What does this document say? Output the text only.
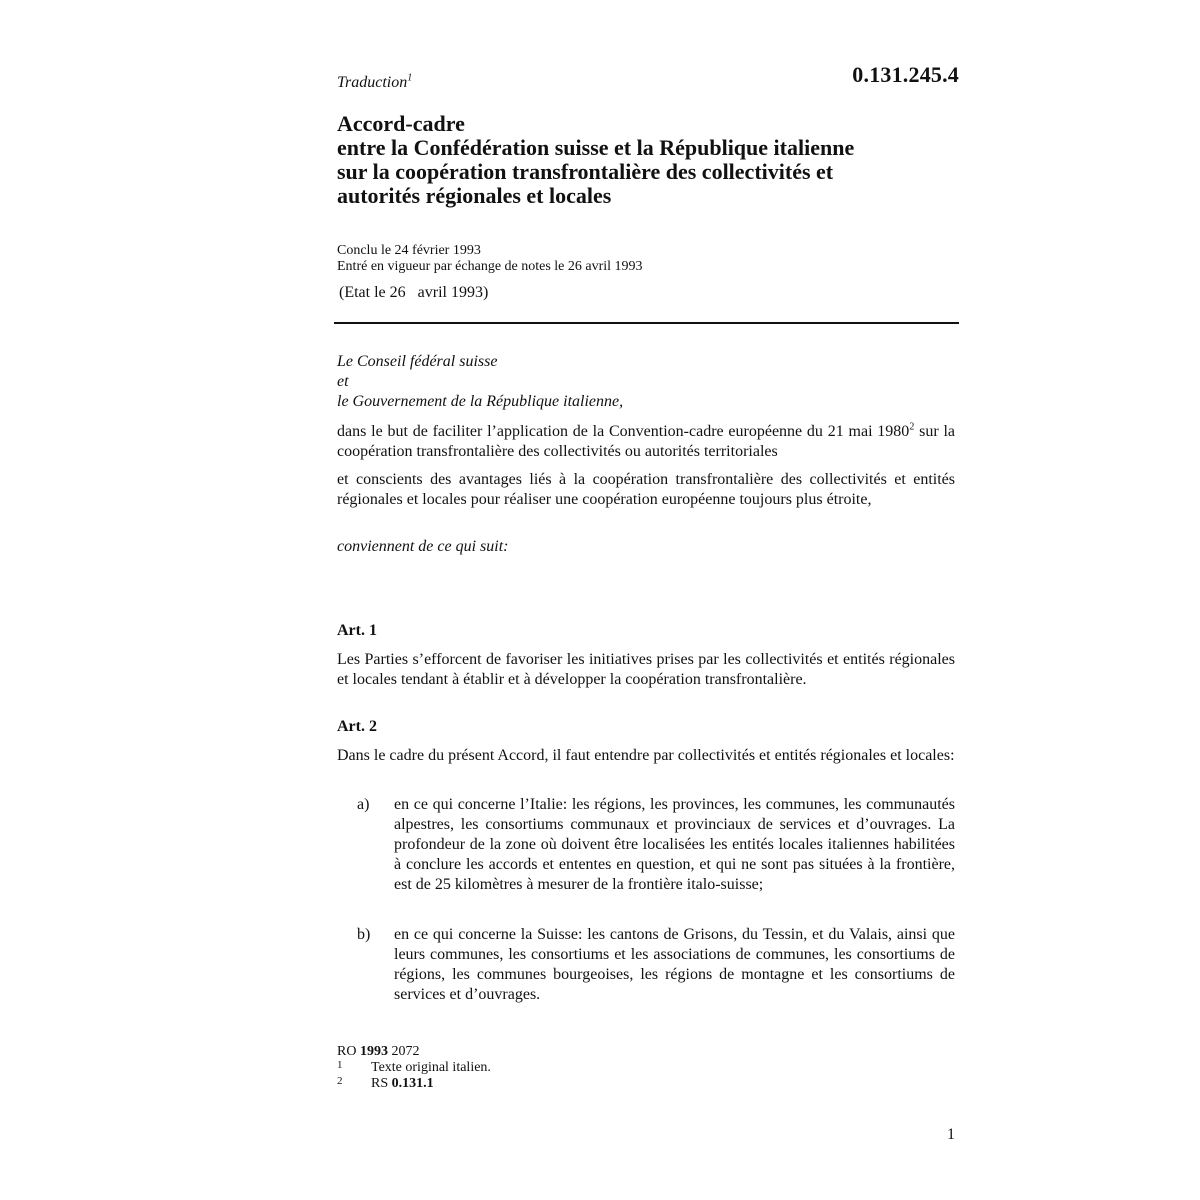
Traduction$^1$	0.131.245.4
Accord-cadre
entre la Confédération suisse et la République italienne
sur la coopération transfrontalière des collectivités et
autorités régionales et locales
Conclu le 24 février 1993
Entré en vigueur par échange de notes le 26 avril 1993
(Etat le 26   avril 1993)
Le Conseil fédéral suisse
et
le Gouvernement de la République italienne,
dans le but de faciliter l’application de la Convention-cadre européenne du 21 mai 1980$^2$ sur la coopération transfrontalière des collectivités ou autorités territoriales
et conscients des avantages liés à la coopération transfrontalière des collectivités et entités régionales et locales pour réaliser une coopération européenne toujours plus étroite,
conviennent de ce qui suit:
Art. 1
Les Parties s’efforcent de favoriser les initiatives prises par les collectivités et entités régionales et locales tendant à établir et à développer la coopération transfrontalière.
Art. 2
Dans le cadre du présent Accord, il faut entendre par collectivités et entités régionales et locales:
a) en ce qui concerne l’Italie: les régions, les provinces, les communes, les communautés alpestres, les consortiums communaux et provinciaux de services et d’ouvrages. La profondeur de la zone où doivent être localisées les entités locales italiennes habilitées à conclure les accords et ententes en question, et qui ne sont pas situées à la frontière, est de 25 kilomètres à mesurer de la frontière italo-suisse;
b) en ce qui concerne la Suisse: les cantons de Grisons, du Tessin, et du Valais, ainsi que leurs communes, les consortiums et les associations de communes, les consortiums de régions, les communes bourgeoises, les régions de montagne et les consortiums de services et d’ouvrages.
RO 1993 2072
1 Texte original italien.
2 RS 0.131.1
1
